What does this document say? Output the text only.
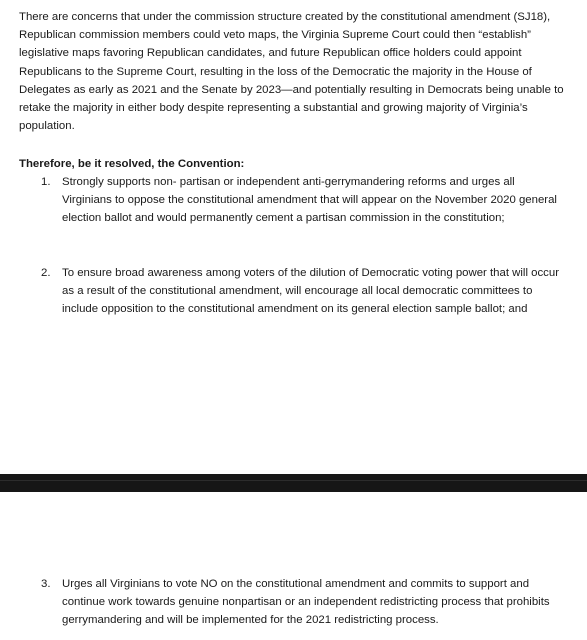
There are concerns that under the commission structure created by the constitutional amendment (SJ18), Republican commission members could veto maps, the Virginia Supreme Court could then “establish” legislative maps favoring Republican candidates, and future Republican office holders could appoint Republicans to the Supreme Court, resulting in the loss of the Democratic the majority in the House of Delegates as early as 2021 and the Senate by 2023—and potentially resulting in Democrats being unable to retake the majority in either body despite representing a substantial and growing majority of Virginia’s population.

Therefore, be it resolved, the Convention:

1.	Strongly supports non- partisan or independent anti-gerrymandering reforms and urges all Virginians to oppose the constitutional amendment that will appear on the November 2020 general election ballot and would permanently cement a partisan commission in the constitution;
2.	To ensure broad awareness among voters of the dilution of Democratic voting power that will occur as a result of the constitutional amendment, will encourage all local democratic committees to include opposition to the constitutional amendment on its general election sample ballot; and
3.	Urges all Virginians to vote NO on the constitutional amendment and commits to support and continue work towards genuine nonpartisan or an independent redistricting process that prohibits gerrymandering and will be implemented for the 2021 redistricting process.
